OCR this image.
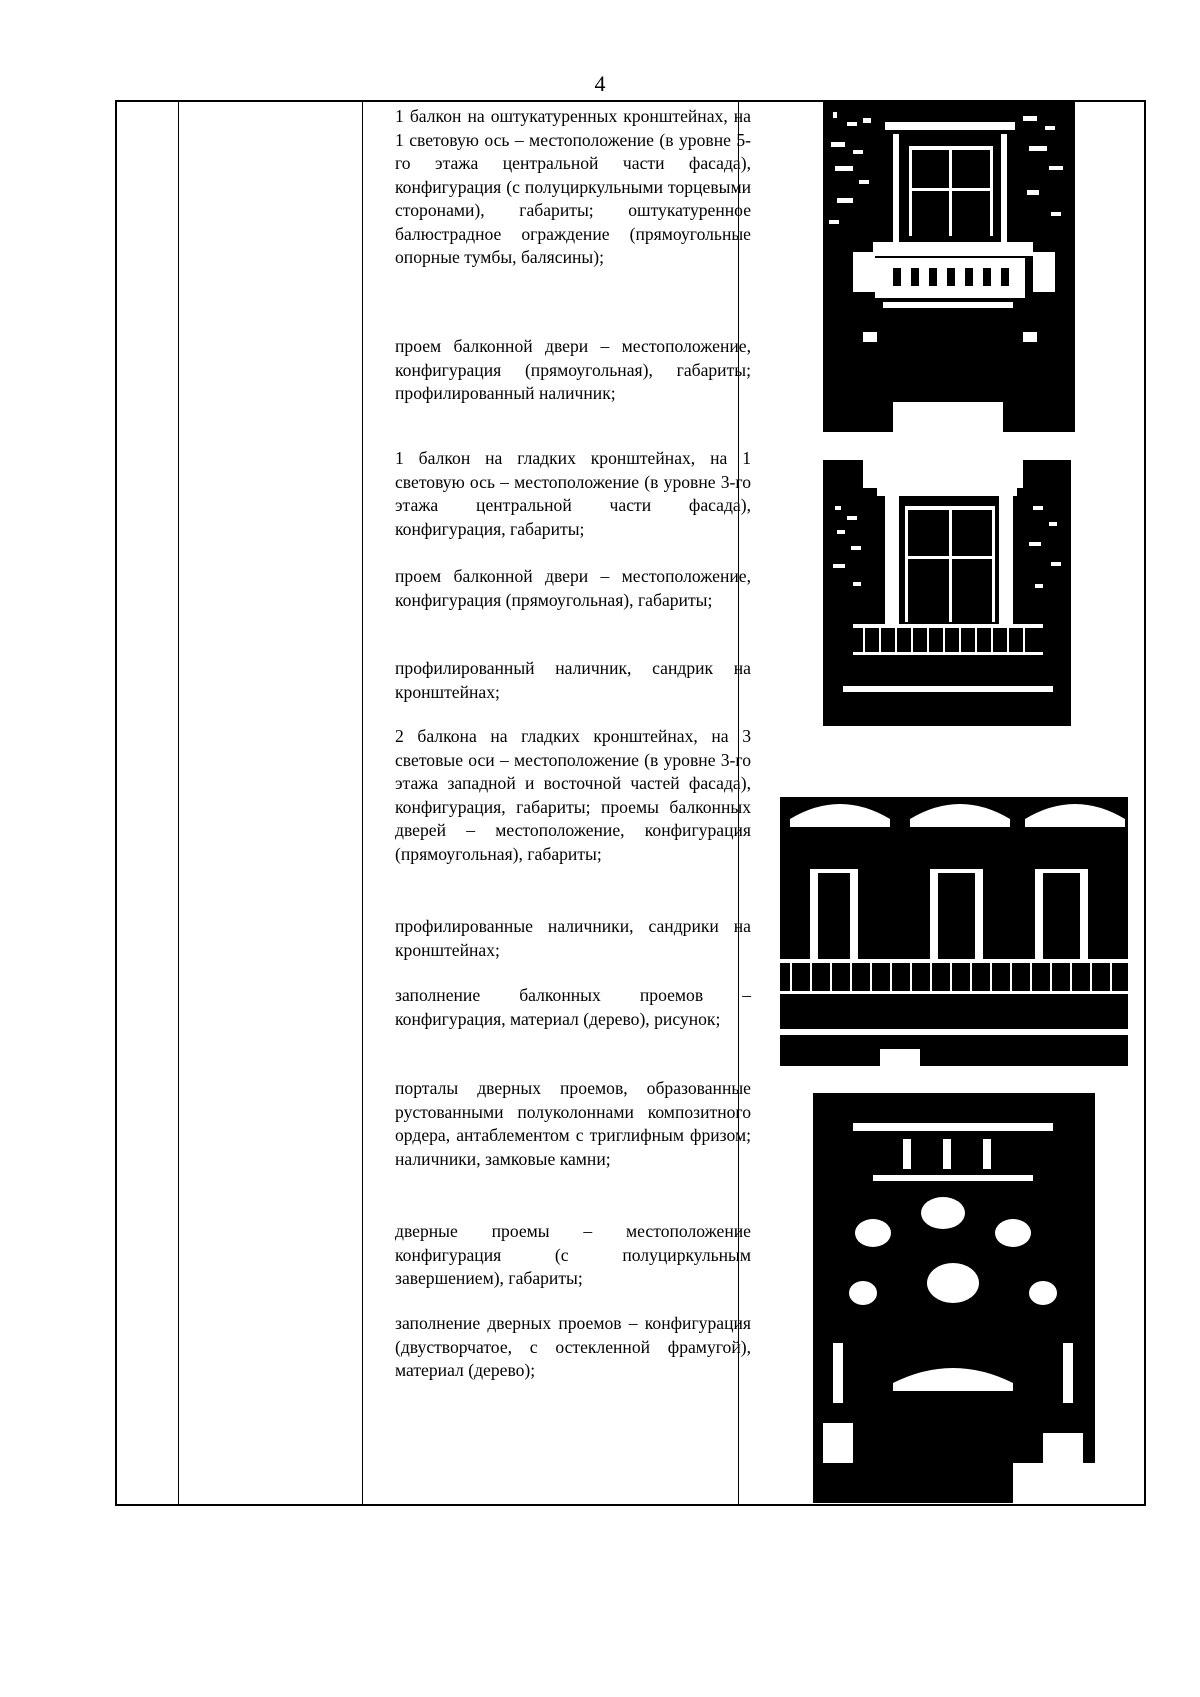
4

1 балкон на оштукатуренных кронштейнах, на 1 световую ось – местоположение (в уровне 5-го этажа центральной части фасада), конфигурация (с полуциркульными торцевыми сторонами), габариты; оштукатуренное балюстрадное ограждение (прямоугольные опорные тумбы, балясины);

проем балконной двери – местоположение, конфигурация (прямоугольная), габариты; профилированный наличник;

1 балкон на гладких кронштейнах, на 1 световую ось – местоположение (в уровне 3-го этажа центральной части фасада), конфигурация, габариты;

проем балконной двери – местоположение, конфигурация (прямоугольная), габариты;

профилированный наличник, сандрик на кронштейнах;

2 балкона на гладких кронштейнах, на 3 световые оси – местоположение (в уровне 3-го этажа западной и восточной частей фасада), конфигурация, габариты; проемы балконных дверей – местоположение, конфигурация (прямоугольная), габариты;

профилированные наличники, сандрики на кронштейнах;

заполнение балконных проемов – конфигурация, материал (дерево), рисунок;

порталы дверных проемов, образованные рустованными полуколоннами композитного ордера, антаблементом с триглифным фризом; наличники, замковые камни;

дверные проемы – местоположение конфигурация (с полуциркульным завершением), габариты;

заполнение дверных проемов – конфигурация (двустворчатое, с остекленной фрамугой), материал (дерево);
